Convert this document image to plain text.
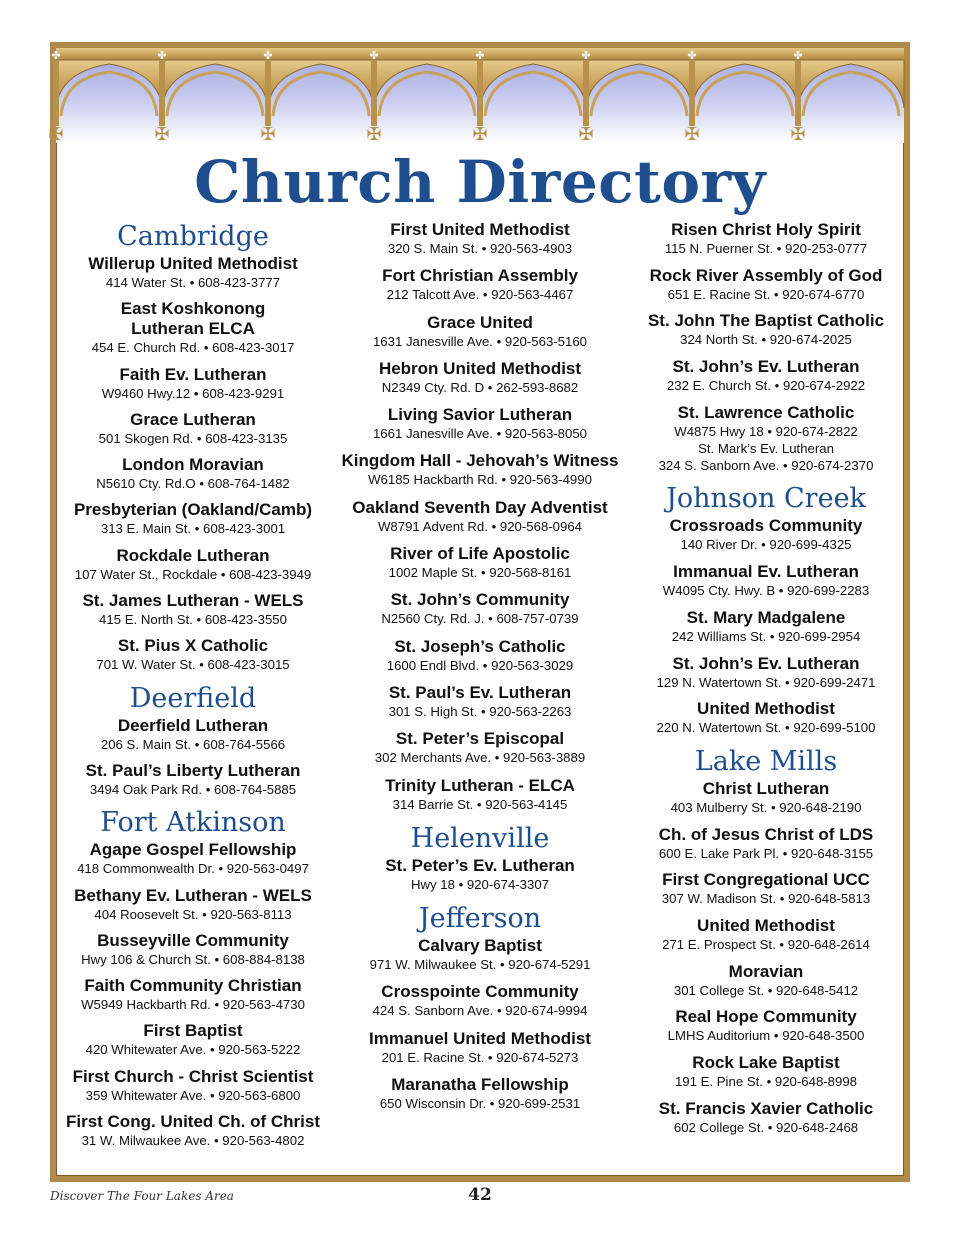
✠
✤
✠
✤
✠
✤
✠
✤
✠
✤
✠
✤
✠
✤
✠
✤
Church Directory
Cambridge
Willerup United Methodist
414 Water St. • 608-423-3777
East Koshkonong Lutheran ELCA
454 E. Church Rd. • 608-423-3017
Faith Ev. Lutheran
W9460 Hwy.12 • 608-423-9291
Grace Lutheran
501 Skogen Rd. • 608-423-3135
London Moravian
N5610 Cty. Rd.O • 608-764-1482
Presbyterian (Oakland/Camb)
313 E. Main St. • 608-423-3001
Rockdale Lutheran
107 Water St., Rockdale • 608-423-3949
St. James Lutheran - WELS
415 E. North St. • 608-423-3550
St. Pius X Catholic
701 W. Water St. • 608-423-3015
Deerfield
Deerfield Lutheran
206 S. Main St. • 608-764-5566
St. Paul’s Liberty Lutheran
3494 Oak Park Rd. • 608-764-5885
Fort Atkinson
Agape Gospel Fellowship
418 Commonwealth Dr. • 920-563-0497
Bethany Ev. Lutheran - WELS
404 Roosevelt St. • 920-563-8113
Busseyville Community
Hwy 106 & Church St. • 608-884-8138
Faith Community Christian
W5949 Hackbarth Rd. • 920-563-4730
First Baptist
420 Whitewater Ave. • 920-563-5222
First Church - Christ Scientist
359 Whitewater Ave. • 920-563-6800
First Cong. United Ch. of Christ
31 W. Milwaukee Ave. • 920-563-4802
First United Methodist
320 S. Main St. • 920-563-4903
Fort Christian Assembly
212 Talcott Ave. • 920-563-4467
Grace United
1631 Janesville Ave. • 920-563-5160
Hebron United Methodist
N2349 Cty. Rd. D • 262-593-8682
Living Savior Lutheran
1661 Janesville Ave. • 920-563-8050
Kingdom Hall - Jehovah’s Witness
W6185 Hackbarth Rd. • 920-563-4990
Oakland Seventh Day Adventist
W8791 Advent Rd. • 920-568-0964
River of Life Apostolic
1002 Maple St. • 920-568-8161
St. John’s Community
N2560 Cty. Rd. J. • 608-757-0739
St. Joseph’s Catholic
1600 Endl Blvd. • 920-563-3029
St. Paul’s Ev. Lutheran
301 S. High St. • 920-563-2263
St. Peter’s Episcopal
302 Merchants Ave. • 920-563-3889
Trinity Lutheran - ELCA
314 Barrie St. • 920-563-4145
Helenville
St. Peter’s Ev. Lutheran
Hwy 18 • 920-674-3307
Jefferson
Calvary Baptist
971 W. Milwaukee St. • 920-674-5291
Crosspointe Community
424 S. Sanborn Ave. • 920-674-9994
Immanuel United Methodist
201 E. Racine St. • 920-674-5273
Maranatha Fellowship
650 Wisconsin Dr. • 920-699-2531
Risen Christ Holy Spirit
115 N. Puerner St. • 920-253-0777
Rock River Assembly of God
651 E. Racine St. • 920-674-6770
St. John The Baptist Catholic
324 North St. • 920-674-2025
St. John’s Ev. Lutheran
232 E. Church St. • 920-674-2922
St. Lawrence Catholic
W4875 Hwy 18 • 920-674-2822
St. Mark’s Ev. Lutheran
324 S. Sanborn Ave. • 920-674-2370
Johnson Creek
Crossroads Community
140 River Dr. • 920-699-4325
Immanual Ev. Lutheran
W4095 Cty. Hwy. B • 920-699-2283
St. Mary Madgalene
242 Williams St. • 920-699-2954
St. John’s Ev. Lutheran
129 N. Watertown St. • 920-699-2471
United Methodist
220 N. Watertown St. • 920-699-5100
Lake Mills
Christ Lutheran
403 Mulberry St. • 920-648-2190
Ch. of Jesus Christ of LDS
600 E. Lake Park Pl. • 920-648-3155
First Congregational UCC
307 W. Madison St. • 920-648-5813
United Methodist
271 E. Prospect St. • 920-648-2614
Moravian
301 College St. • 920-648-5412
Real Hope Community
LMHS Auditorium • 920-648-3500
Rock Lake Baptist
191 E. Pine St. • 920-648-8998
St. Francis Xavier Catholic
602 College St. • 920-648-2468
Discover The Four Lakes Area	42
